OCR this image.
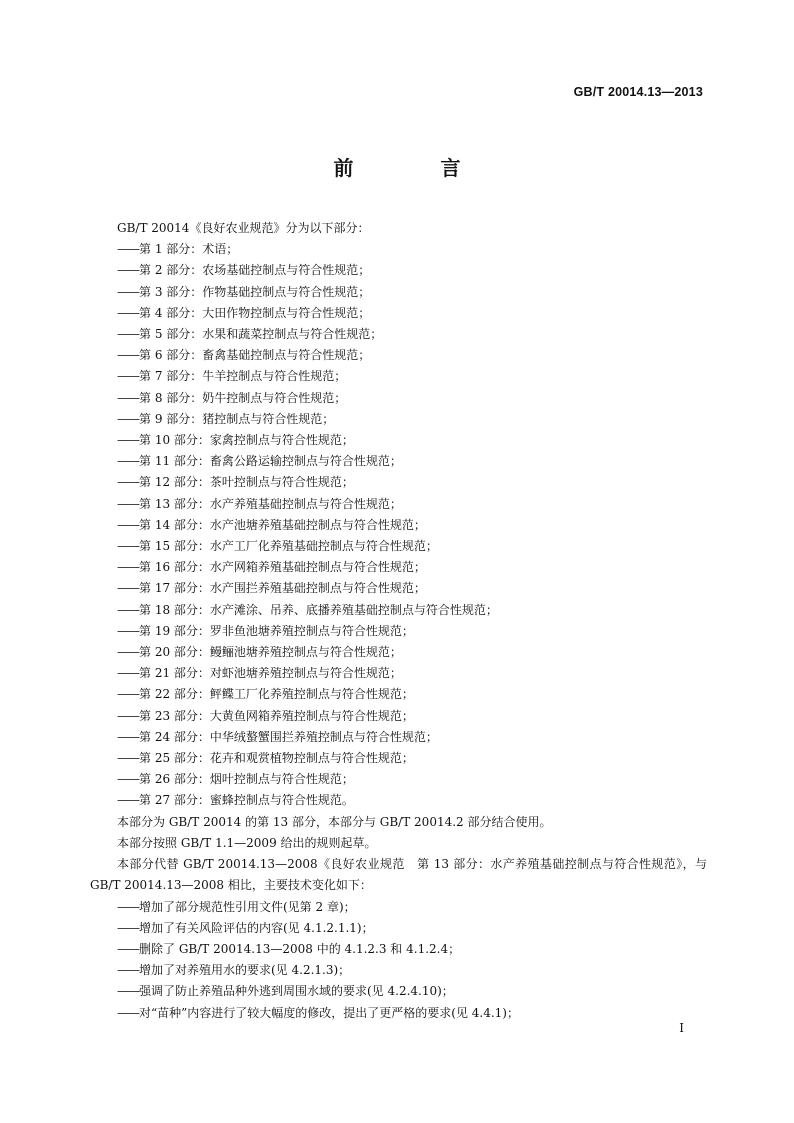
GB/T 20014.13—2013
前 言

GB/T 20014《良好农业规范》分为以下部分：

——第 1 部分：术语；

——第 2 部分：农场基础控制点与符合性规范；

——第 3 部分：作物基础控制点与符合性规范；

——第 4 部分：大田作物控制点与符合性规范；

——第 5 部分：水果和蔬菜控制点与符合性规范；

——第 6 部分：畜禽基础控制点与符合性规范；

——第 7 部分：牛羊控制点与符合性规范；

——第 8 部分：奶牛控制点与符合性规范；

——第 9 部分：猪控制点与符合性规范；

——第 10 部分：家禽控制点与符合性规范；

——第 11 部分：畜禽公路运输控制点与符合性规范；

——第 12 部分：茶叶控制点与符合性规范；

——第 13 部分：水产养殖基础控制点与符合性规范；

——第 14 部分：水产池塘养殖基础控制点与符合性规范；

——第 15 部分：水产工厂化养殖基础控制点与符合性规范；

——第 16 部分：水产网箱养殖基础控制点与符合性规范；

——第 17 部分：水产围拦养殖基础控制点与符合性规范；

——第 18 部分：水产滩涂、吊养、底播养殖基础控制点与符合性规范；

——第 19 部分：罗非鱼池塘养殖控制点与符合性规范；

——第 20 部分：鳗鲡池塘养殖控制点与符合性规范；

——第 21 部分：对虾池塘养殖控制点与符合性规范；

——第 22 部分：鲆鲽工厂化养殖控制点与符合性规范；

——第 23 部分：大黄鱼网箱养殖控制点与符合性规范；

——第 24 部分：中华绒螯蟹围拦养殖控制点与符合性规范；

——第 25 部分：花卉和观赏植物控制点与符合性规范；

——第 26 部分：烟叶控制点与符合性规范；

——第 27 部分：蜜蜂控制点与符合性规范。

本部分为 GB/T 20014 的第 13 部分，本部分与 GB/T 20014.2 部分结合使用。

本部分按照 GB/T 1.1—2009 给出的规则起草。

本部分代替 GB/T 20014.13—2008《良好农业规范　第 13 部分：水产养殖基础控制点与符合性规范》，与 GB/T 20014.13—2008 相比，主要技术变化如下：

——增加了部分规范性引用文件(见第 2 章)；

——增加了有关风险评估的内容(见 4.1.2.1.1)；

——删除了 GB/T 20014.13—2008 中的 4.1.2.3 和 4.1.2.4；

——增加了对养殖用水的要求(见 4.2.1.3)；

——强调了防止养殖品种外逃到周围水域的要求(见 4.2.4.10)；

——对“苗种”内容进行了较大幅度的修改，提出了更严格的要求(见 4.4.1)；

I
